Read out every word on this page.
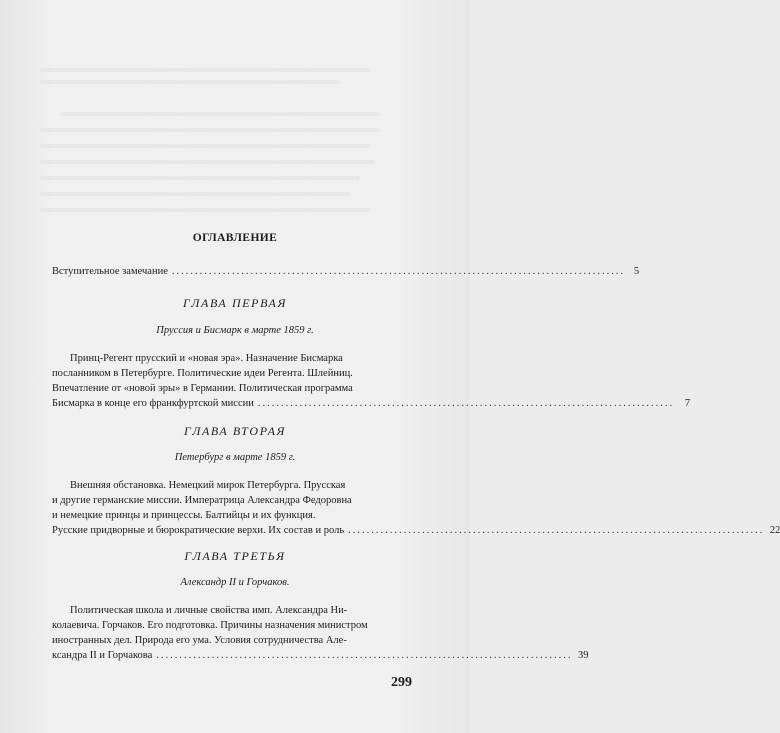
ОГЛАВЛЕНИЕ
Вступительное замечание .................................................................................................. 5
ГЛАВА ПЕРВАЯ
Пруссия и Бисмарк в марте 1859 г.
Принц-Регент прусский и «новая эра». Назначение Бисмарка
посланником в Петербурге. Политические идеи Регента. Шлейниц.
Впечатление от «новой эры» в Германии. Политическая программа
Бисмарка в конце его франкфуртской миссии ..........................................................................................	7
ГЛАВА ВТОРАЯ
Петербург в марте 1859 г.
Внешняя обстановка. Немецкий мирок Петербурга. Прусская
и другие германские миссии. Императрица Александра Федоровна
и немецкие принцы и принцессы. Балтийцы и их функция.
Русские придворные и бюрократические верхи. Их состав и роль .......................................................................................... 22
ГЛАВА ТРЕТЬЯ
Александр II и Горчаков.
Политическая школа и личные свойства имп. Александра Ни-
колаевича. Горчаков. Его подготовка. Причины назначения министром
иностранных дел. Природа его ума. Условия сотрудничества Але-
ксандра II и Горчакова .......................................................................................... 39
299
